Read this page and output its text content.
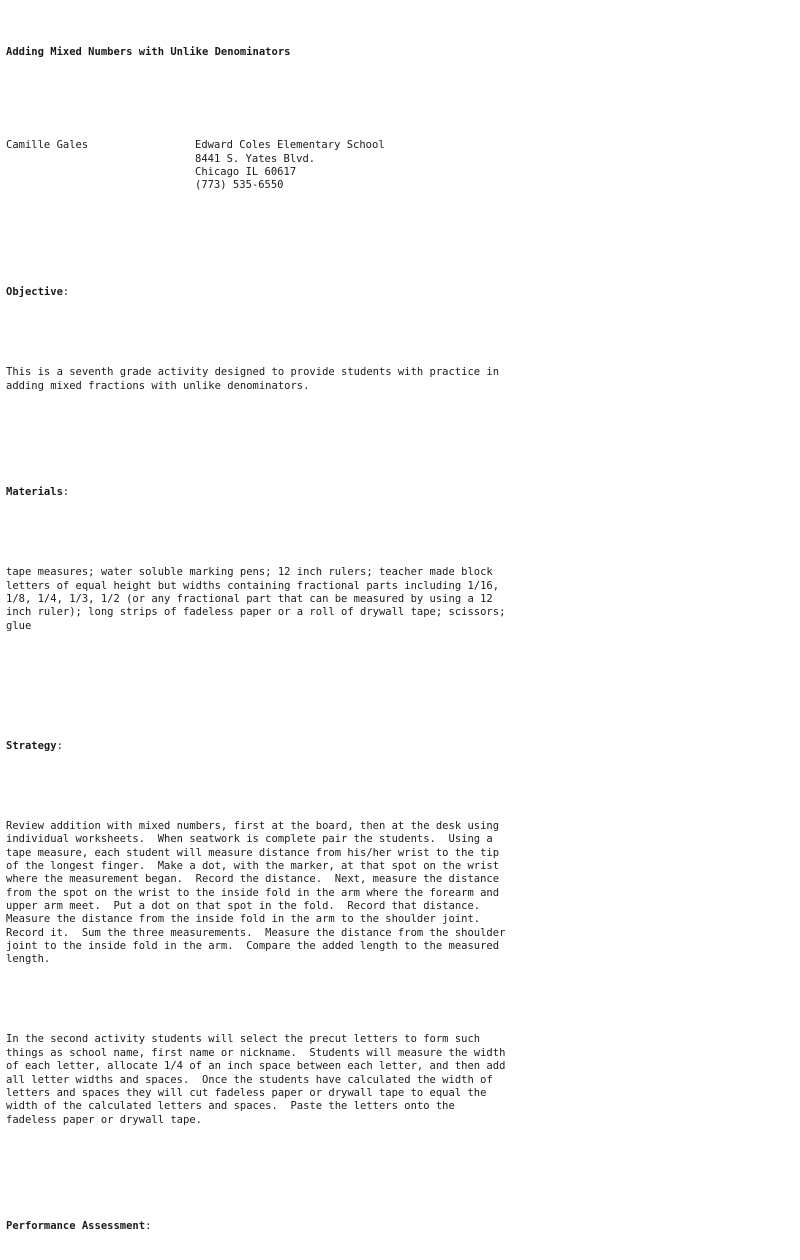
Adding Mixed Numbers with Unlike Denominators

Camille Gales	Edward Coles Elementary School
8441 S. Yates Blvd.
Chicago IL 60617
(773) 535-6550

Objective:

This is a seventh grade activity designed to provide students with practice in
adding mixed fractions with unlike denominators.

Materials:

tape measures; water soluble marking pens; 12 inch rulers; teacher made block
letters of equal height but widths containing fractional parts including 1/16,
1/8, 1/4, 1/3, 1/2 (or any fractional part that can be measured by using a 12
inch ruler); long strips of fadeless paper or a roll of drywall tape; scissors;
glue

Strategy:

Review addition with mixed numbers, first at the board, then at the desk using
individual worksheets.  When seatwork is complete pair the students.  Using a
tape measure, each student will measure distance from his/her wrist to the tip
of the longest finger.  Make a dot, with the marker, at that spot on the wrist
where the measurement began.  Record the distance.  Next, measure the distance
from the spot on the wrist to the inside fold in the arm where the forearm and
upper arm meet.  Put a dot on that spot in the fold.  Record that distance.
Measure the distance from the inside fold in the arm to the shoulder joint.
Record it.  Sum the three measurements.  Measure the distance from the shoulder
joint to the inside fold in the arm.  Compare the added length to the measured
length.

In the second activity students will select the precut letters to form such
things as school name, first name or nickname.  Students will measure the width
of each letter, allocate 1/4 of an inch space between each letter, and then add
all letter widths and spaces.  Once the students have calculated the width of
letters and spaces they will cut fadeless paper or drywall tape to equal the
width of the calculated letters and spaces.  Paste the letters onto the
fadeless paper or drywall tape.

Performance Assessment:
